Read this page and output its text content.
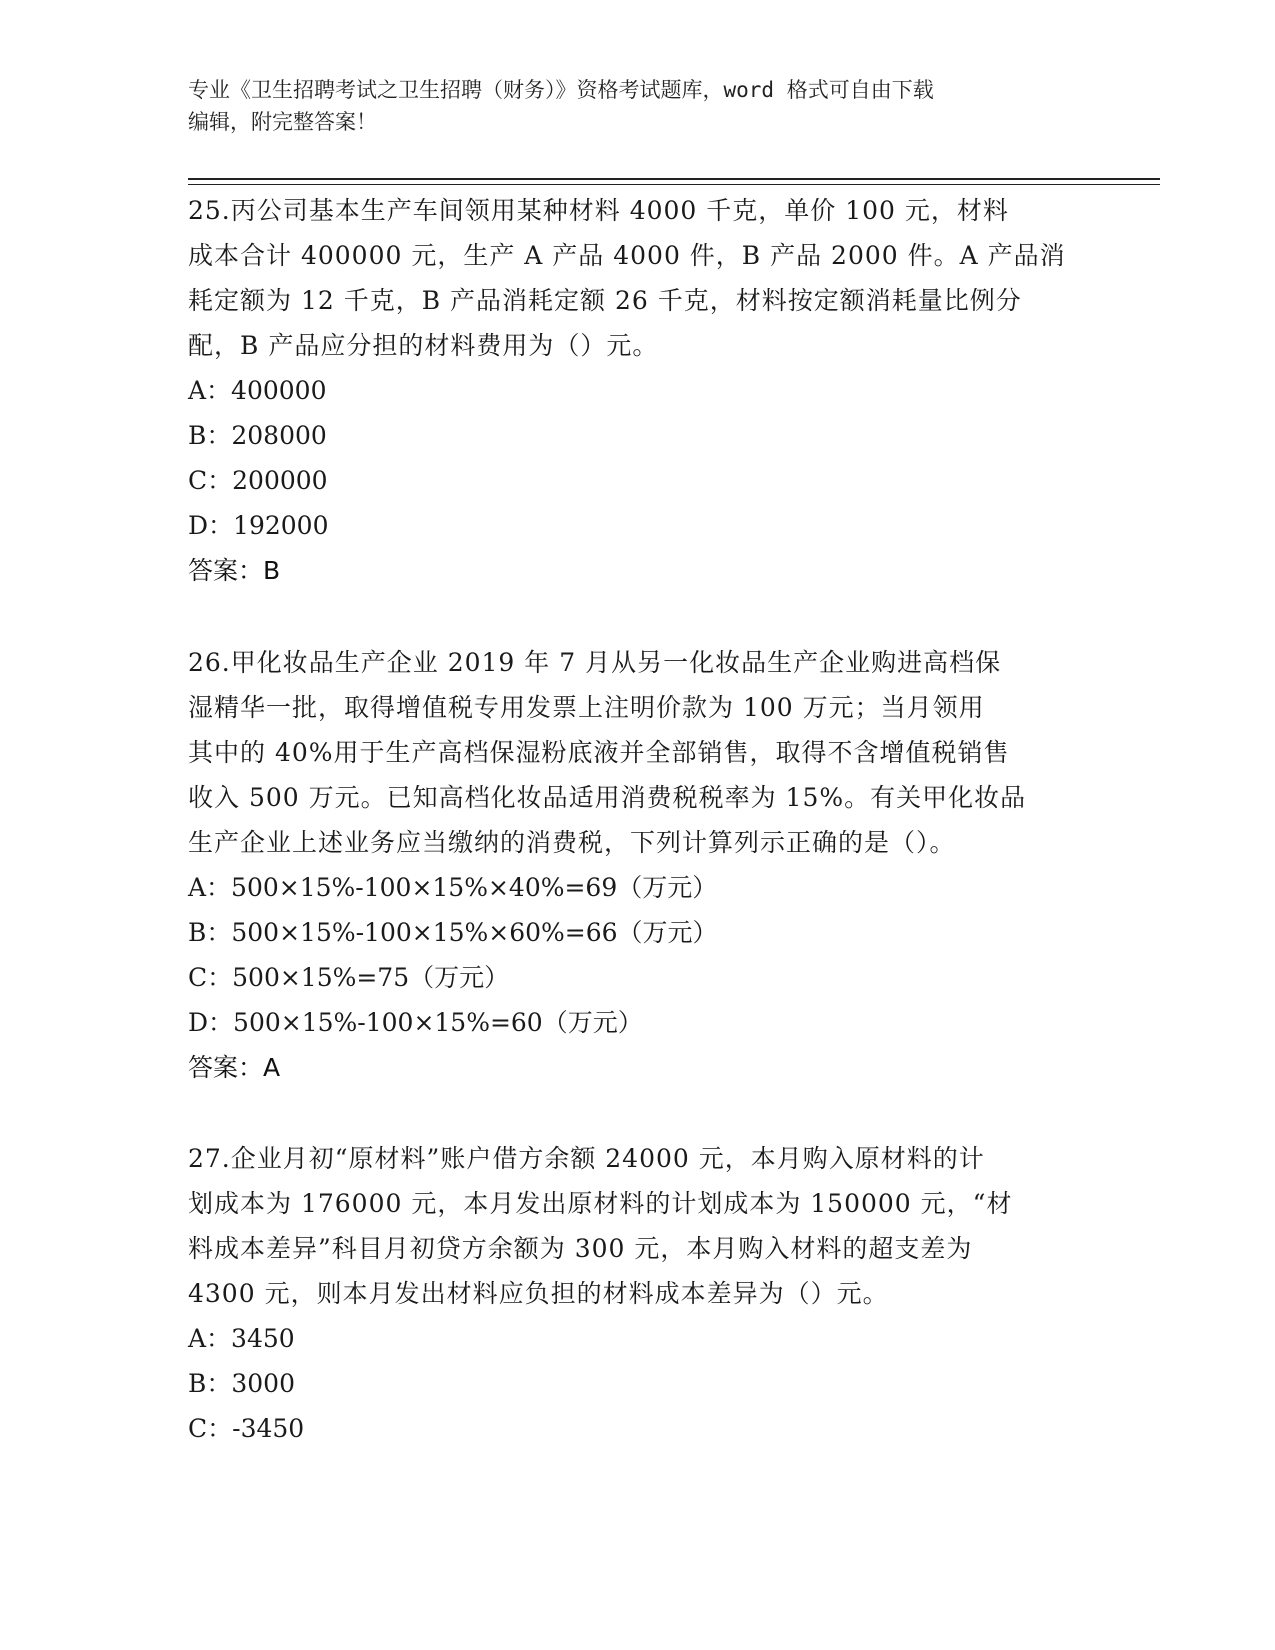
专业《卫生招聘考试之卫生招聘（财务）》资格考试题库，word 格式可自由下载
编辑，附完整答案！
25.丙公司基本生产车间领用某种材料 4000 千克，单价 100 元，材料
成本合计 400000 元，生产 A 产品 4000 件，B 产品 2000 件。A 产品消
耗定额为 12 千克，B 产品消耗定额 26 千克，材料按定额消耗量比例分
配，B 产品应分担的材料费用为（）元。
A：400000
B：208000
C：200000
D：192000
答案：B
26.甲化妆品生产企业 2019 年 7 月从另一化妆品生产企业购进高档保
湿精华一批，取得增值税专用发票上注明价款为 100 万元；当月领用
其中的 40%用于生产高档保湿粉底液并全部销售，取得不含增值税销售
收入 500 万元。已知高档化妆品适用消费税税率为 15%。有关甲化妆品
生产企业上述业务应当缴纳的消费税，下列计算列示正确的是（）。
A：500×15%-100×15%×40%=69（万元）
B：500×15%-100×15%×60%=66（万元）
C：500×15%=75（万元）
D：500×15%-100×15%=60（万元）
答案：A
27.企业月初“原材料”账户借方余额 24000 元，本月购入原材料的计
划成本为 176000 元，本月发出原材料的计划成本为 150000 元，“材
料成本差异”科目月初贷方余额为 300 元，本月购入材料的超支差为
4300 元，则本月发出材料应负担的材料成本差异为（）元。
A：3450
B：3000
C：-3450
